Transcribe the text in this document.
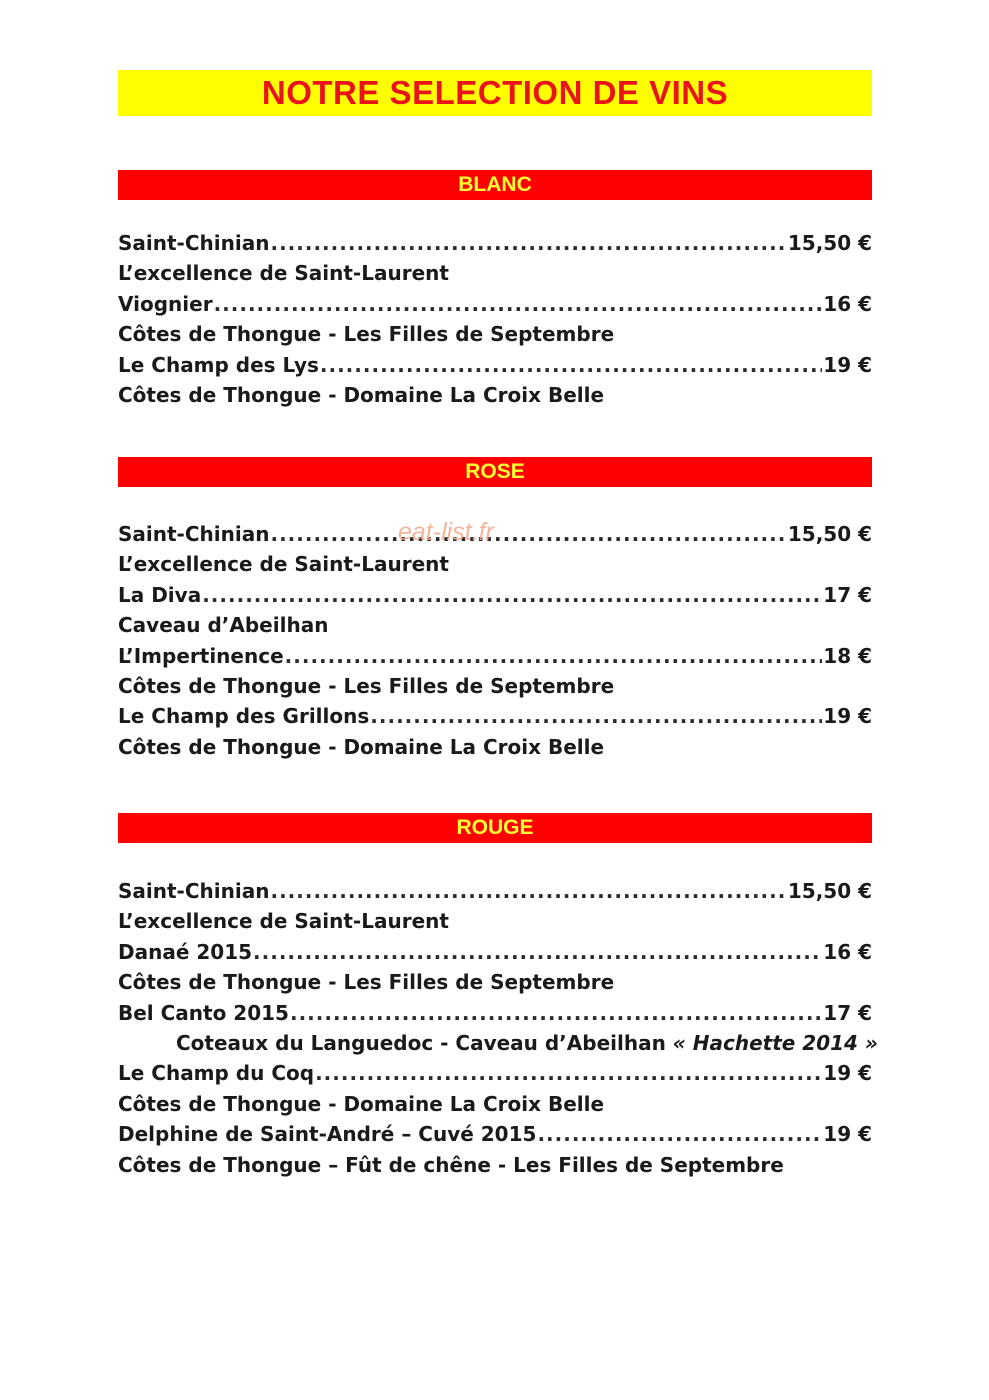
NOTRE SELECTION DE VINS
BLANC
Saint-Chinian .....	15,50 €
L’excellence de Saint-Laurent
Viognier .....	16 €
Côtes de Thongue - Les Filles de Septembre
Le Champ des Lys .....	19 €
Côtes de Thongue - Domaine La Croix Belle
ROSE
Saint-Chinian .....	15,50 €
L’excellence de Saint-Laurent
La Diva .....	17 €
Caveau d’Abeilhan
L’Impertinence .....	18 €
Côtes de Thongue - Les Filles de Septembre
Le Champ des Grillons .....	19 €
Côtes de Thongue - Domaine La Croix Belle
ROUGE
Saint-Chinian .....	15,50 €
L’excellence de Saint-Laurent
Danaé 2015 .....	16 €
Côtes de Thongue - Les Filles de Septembre
Bel Canto 2015 .....	17 €
Coteaux du Languedoc - Caveau d’Abeilhan « Hachette 2014 »
Le Champ du Coq .....	19 €
Côtes de Thongue - Domaine La Croix Belle
Delphine de Saint-André – Cuvé 2015 .....	19 €
Côtes de Thongue – Fût de chêne - Les Filles de Septembre
eat-list.fr
